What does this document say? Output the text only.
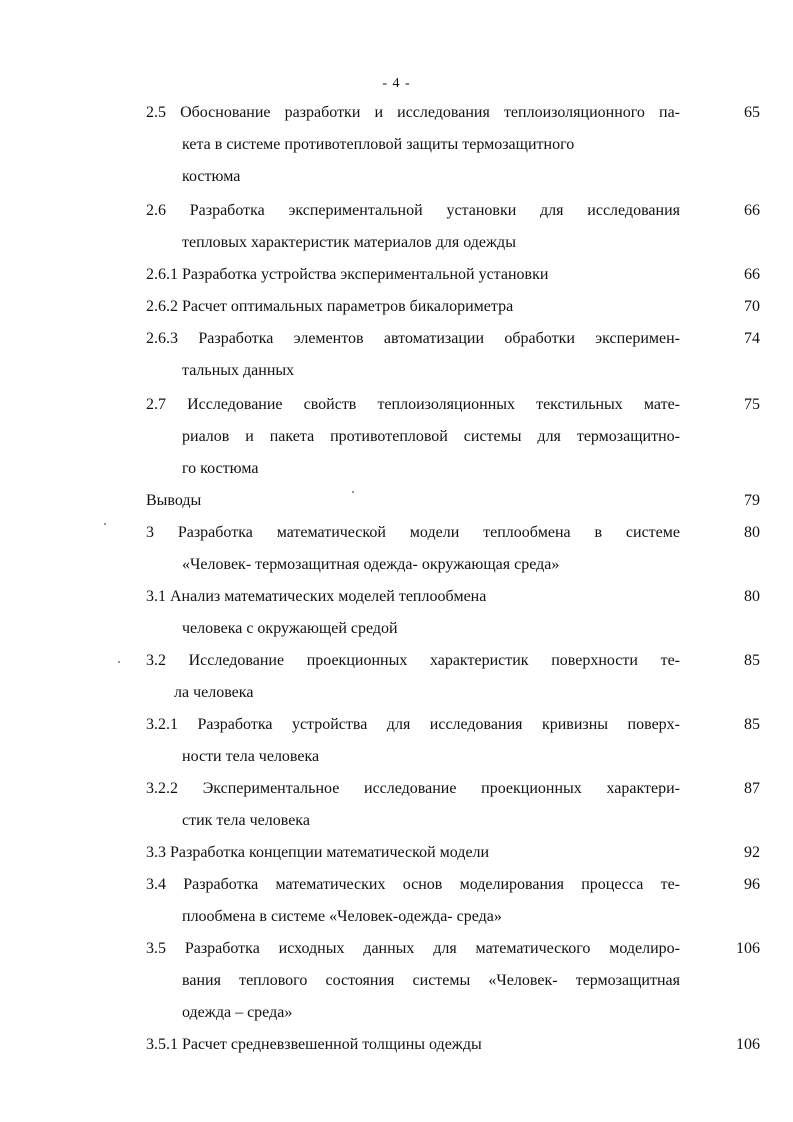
- 4 -
2.5 Обоснование разработки и исследования теплоизоляционного па-
кета в системе противотепловой защиты термозащитного
костюма
65
2.6 Разработка экспериментальной установки для исследования
тепловых характеристик материалов для одежды
66
2.6.1 Разработка устройства экспериментальной установки	66
2.6.2 Расчет оптимальных параметров бикалориметра	70
2.6.3 Разработка элементов автоматизации обработки эксперимен-
тальных данных
74
2.7 Исследование свойств теплоизоляционных текстильных мате-
риалов и пакета противотепловой системы для термозащитно-
го костюма
75
Выводы	79
3 Разработка математической модели теплообмена в системе
«Человек- термозащитная одежда- окружающая среда»
80
3.1 Анализ математических моделей теплообмена
человека с окружающей средой
80
3.2 Исследование проекционных характеристик поверхности те-
ла человека
85
3.2.1 Разработка устройства для исследования кривизны поверх-
ности тела человека
85
3.2.2 Экспериментальное исследование проекционных характери-
стик тела человека
87
3.3 Разработка концепции математической модели	92
3.4 Разработка математических основ моделирования процесса те-
плообмена в системе «Человек-одежда- среда»
96
3.5 Разработка исходных данных для математического моделиро-
вания теплового состояния системы «Человек- термозащитная
одежда – среда»
106
3.5.1 Расчет средневзвешенной толщины одежды	106
